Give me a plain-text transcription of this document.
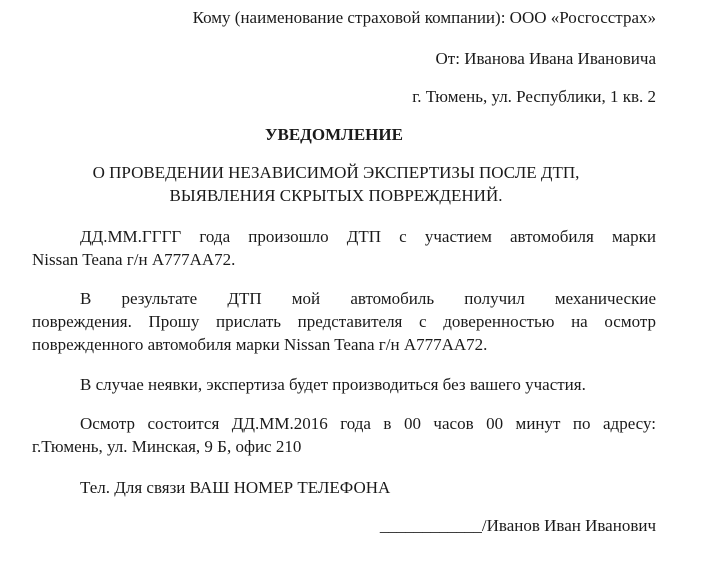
Кому (наименование страховой компании): ООО «Росгосстрах»
От: Иванова Ивана Ивановича
г. Тюмень, ул. Республики, 1 кв. 2
УВЕДОМЛЕНИЕ
О ПРОВЕДЕНИИ НЕЗАВИСИМОЙ ЭКСПЕРТИЗЫ ПОСЛЕ ДТП,
ВЫЯВЛЕНИЯ СКРЫТЫХ ПОВРЕЖДЕНИЙ.
ДД.ММ.ГГГГ года произошло ДТП с участием автомобиля марки
Nissan Teana г/н А777АА72.
В результате ДТП мой автомобиль получил механические
повреждения. Прошу прислать представителя с доверенностью на осмотр
поврежденного автомобиля марки Nissan Teana г/н А777АА72.
В случае неявки, экспертиза будет производиться без вашего участия.
Осмотр состоится ДД.ММ.2016 года в 00 часов 00 минут по адресу:
г.Тюмень, ул. Минская, 9 Б, офис 210
Тел. Для связи ВАШ НОМЕР ТЕЛЕФОНА
____________/Иванов Иван Иванович
